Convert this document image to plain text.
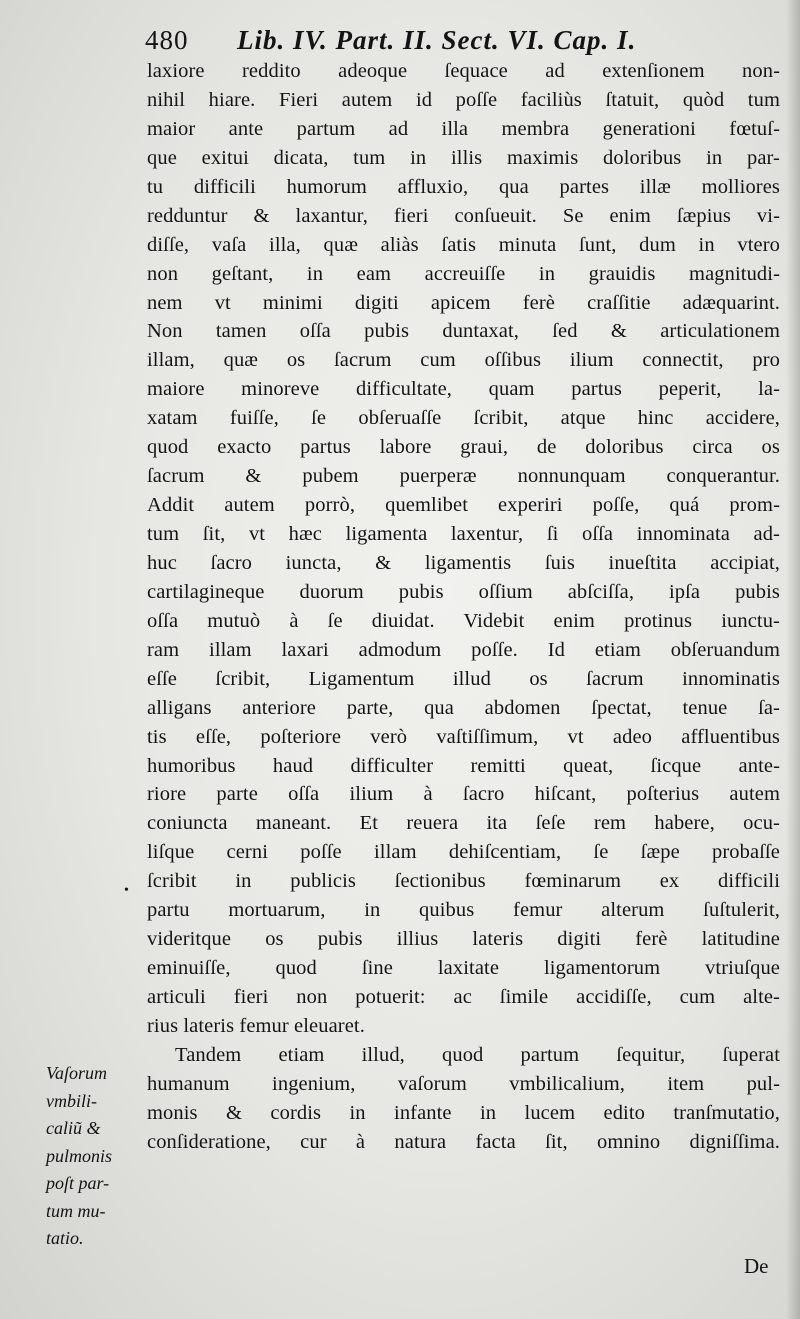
480 Lib. IV. Part. II. Sect. VI. Cap. I.
laxiore reddito adeoque ſequace ad extenſionem non-
nihil hiare. Fieri autem id poſſe faciliùs ſtatuit, quòd tum
maior ante partum ad illa membra generationi fœtuſ-
que exitui dicata, tum in illis maximis doloribus in par-
tu difficili humorum affluxio, qua partes illæ molliores
redduntur & laxantur, fieri conſueuit. Se enim ſæpius vi-
diſſe, vaſa illa, quæ aliàs ſatis minuta ſunt, dum in vtero
non geſtant, in eam accreuiſſe in grauidis magnitudi-
nem vt minimi digiti apicem ferè craſſitie adæquarint.
Non tamen oſſa pubis duntaxat, ſed & articulationem
illam, quæ os ſacrum cum oſſibus ilium connectit, pro
maiore minoreve difficultate, quam partus peperit, la-
xatam fuiſſe, ſe obſeruaſſe ſcribit, atque hinc accidere,
quod exacto partus labore graui, de doloribus circa os
ſacrum & pubem puerperæ nonnunquam conquerantur.
Addit autem porrò, quemlibet experiri poſſe, quá prom-
tum ſit, vt hæc ligamenta laxentur, ſi oſſa innominata ad-
huc ſacro iuncta, & ligamentis ſuis inueſtita accipiat,
cartilagineque duorum pubis oſſium abſciſſa, ipſa pubis
oſſa mutuò à ſe diuidat. Videbit enim protinus iunctu-
ram illam laxari admodum poſſe. Id etiam obſeruandum
eſſe ſcribit, Ligamentum illud os ſacrum innominatis
alligans anteriore parte, qua abdomen ſpectat, tenue ſa-
tis eſſe, poſteriore verò vaſtiſſimum, vt adeo affluentibus
humoribus haud difficulter remitti queat, ſicque ante-
riore parte oſſa ilium à ſacro hiſcant, poſterius autem
coniuncta maneant. Et reuera ita ſeſe rem habere, ocu-
liſque cerni poſſe illam dehiſcentiam, ſe ſæpe probaſſe
ſcribit in publicis ſectionibus fœminarum ex difficili
partu mortuarum, in quibus femur alterum ſuſtulerit,
videritque os pubis illius lateris digiti ferè latitudine
eminuiſſe, quod ſine laxitate ligamentorum vtriuſque
articuli fieri non potuerit: ac ſimile accidiſſe, cum alte-
rius lateris femur eleuaret.
Tandem etiam illud, quod partum ſequitur, ſuperat
humanum ingenium, vaſorum vmbilicalium, item pul-
monis & cordis in infante in lucem edito tranſmutatio,
conſideratione, cur à natura facta ſit, omnino digniſſima.
•
Vaſorum
vmbili-
caliũ &
pulmonis
poſt par-
tum mu-
tatio.
De
